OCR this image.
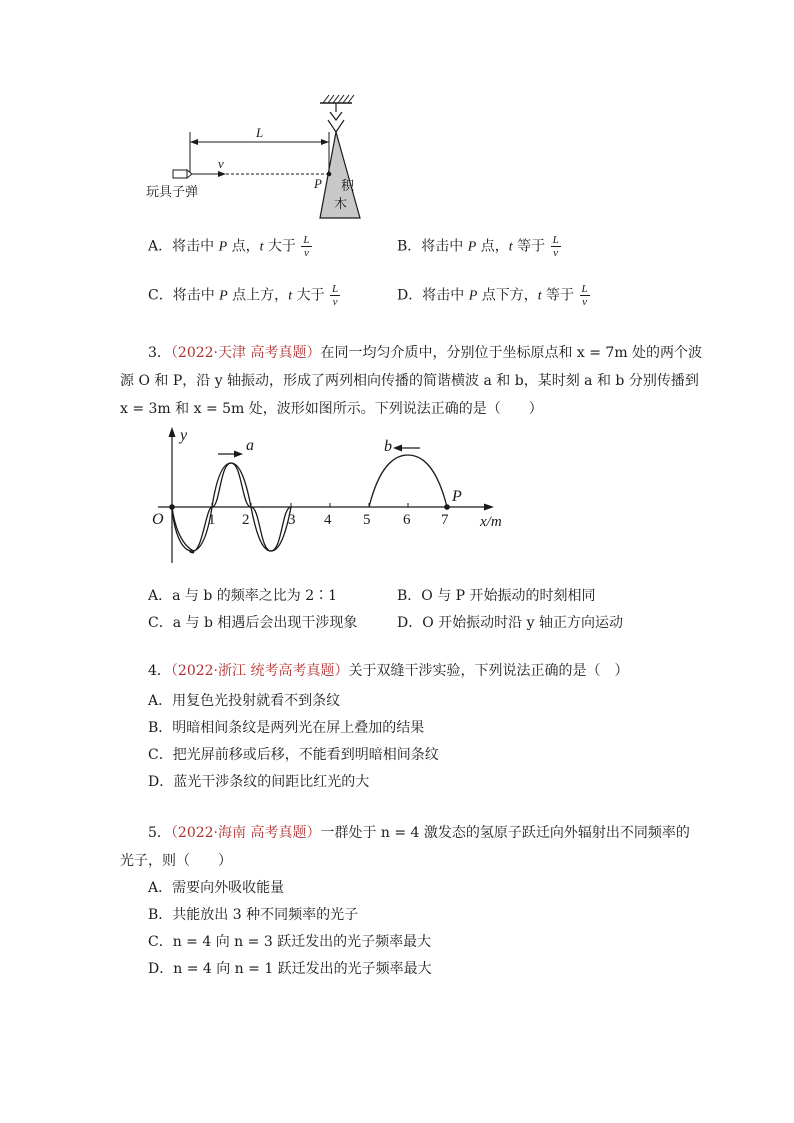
积
木
P
L
v
玩具子弹
A．将击中 P 点，t 大于 $\frac{L}{v}$	B．将击中 P 点，t 等于 $\frac{L}{v}$
C．将击中 P 点上方，t 大于 $\frac{L}{v}$	D．将击中 P 点下方，t 等于 $\frac{L}{v}$
3．（2022·天津 高考真题）在同一均匀介质中，分别位于坐标原点和 x = 7m 处的两个波
源 O 和 P，沿 y 轴振动，形成了两列相向传播的简谐横波 a 和 b，某时刻 a 和 b 分别传播到
x = 3m 和 x = 5m 处，波形如图所示。下列说法正确的是（　　）
y
x/m
O	1 2	3 4 5 6 7
a
P
b
A．a 与 b 的频率之比为 2∶1	B．O 与 P 开始振动的时刻相同
C．a 与 b 相遇后会出现干涉现象	D．O 开始振动时沿 y 轴正方向运动
4．（2022·浙江 统考高考真题）关于双缝干涉实验，下列说法正确的是（　）
A．用复色光投射就看不到条纹
B．明暗相间条纹是两列光在屏上叠加的结果
C．把光屏前移或后移，不能看到明暗相间条纹
D．蓝光干涉条纹的间距比红光的大
5．（2022·海南 高考真题）一群处于 n = 4 激发态的氢原子跃迁向外辐射出不同频率的
光子，则（　　）
A．需要向外吸收能量
B．共能放出 3 种不同频率的光子
C．n = 4 向 n = 3 跃迁发出的光子频率最大
D．n = 4 向 n = 1 跃迁发出的光子频率最大
